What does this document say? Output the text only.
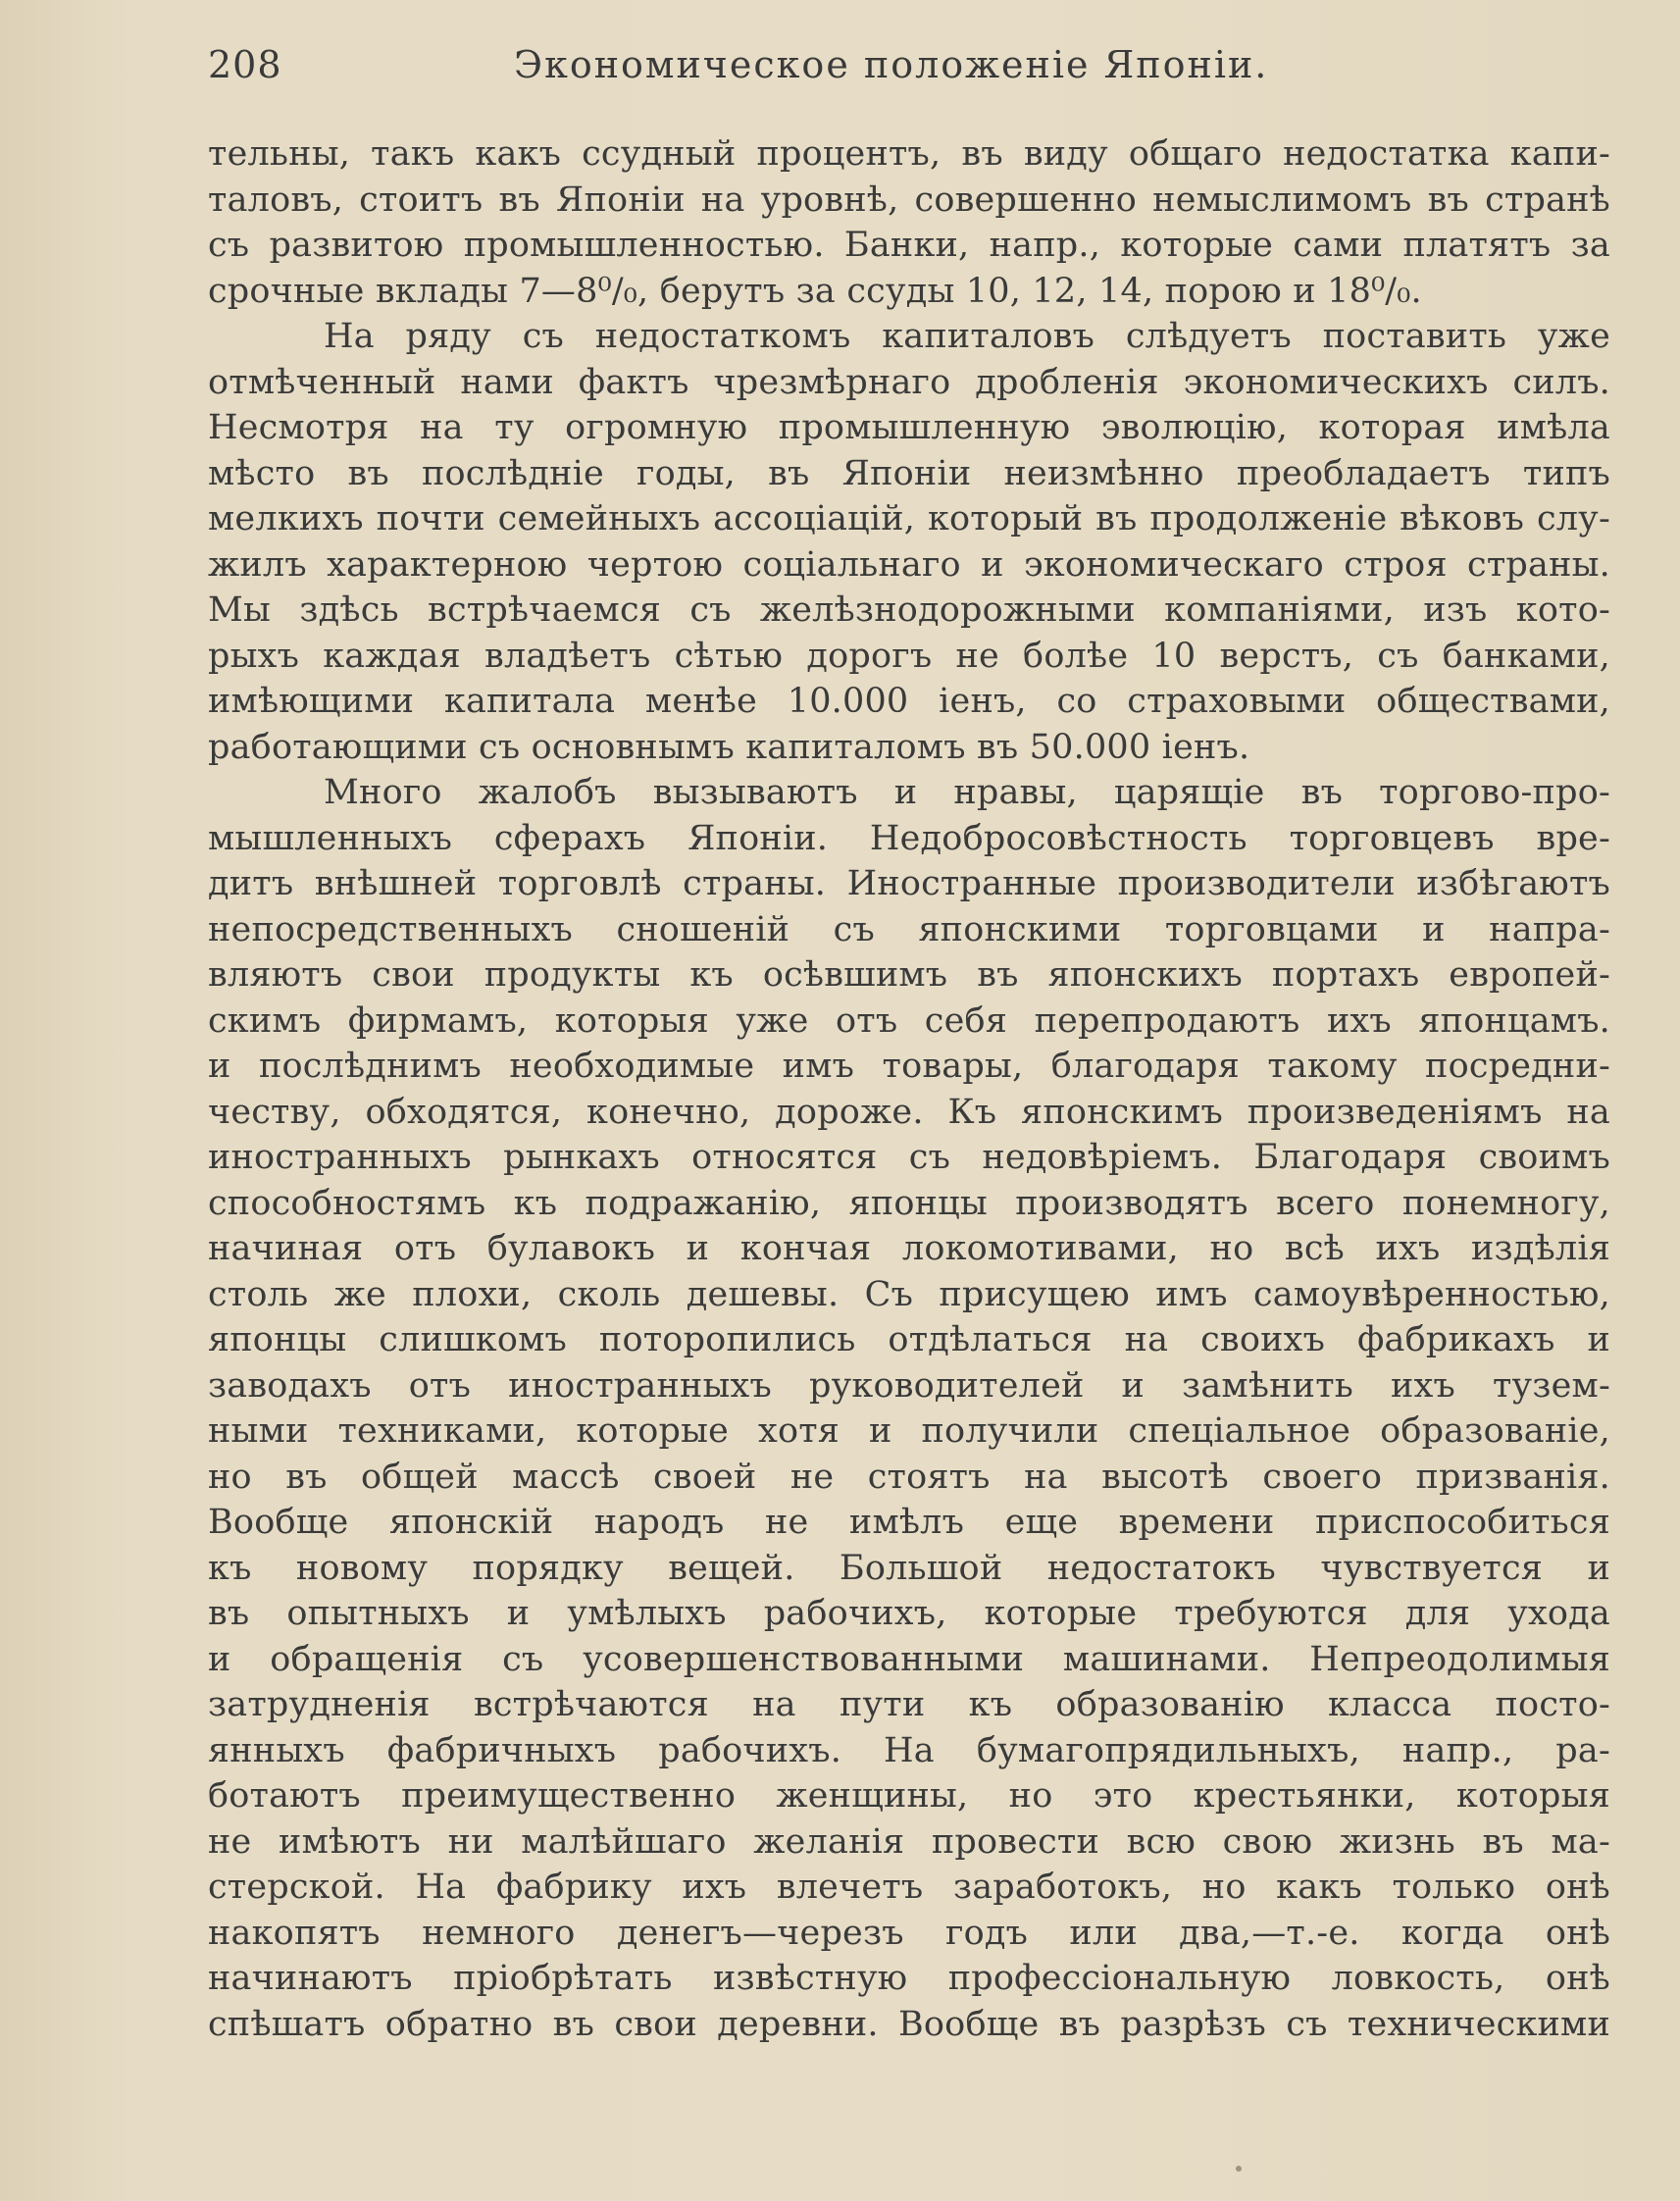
208	Экономическое положеніе Японіи.
тельны, такъ какъ ссудный процентъ, въ виду общаго недостатка капи-
таловъ, стоитъ въ Японіи на уровнѣ, совершенно немыслимомъ въ странѣ
съ развитою промышленностью. Банки, напр., которые сами платятъ за
срочные вклады 7—8⁰/₀, берутъ за ссуды 10, 12, 14, порою и 18⁰/₀.
На ряду съ недостаткомъ капиталовъ слѣдуетъ поставить уже
отмѣченный нами фактъ чрезмѣрнаго дробленія экономическихъ силъ.
Несмотря на ту огромную промышленную эволюцію, которая имѣла
мѣсто въ послѣдніе годы, въ Японіи неизмѣнно преобладаетъ типъ
мелкихъ почти семейныхъ ассоціацій, который въ продолженіе вѣковъ слу-
жилъ характерною чертою соціальнаго и экономическаго строя страны.
Мы здѣсь встрѣчаемся съ желѣзнодорожными компаніями, изъ кото-
рыхъ каждая владѣетъ сѣтью дорогъ не болѣе 10 верстъ, съ банками,
имѣющими капитала менѣе 10.000 іенъ, со страховыми обществами,
работающими съ основнымъ капиталомъ въ 50.000 іенъ.
Много жалобъ вызываютъ и нравы, царящіе въ торгово-про-
мышленныхъ сферахъ Японіи. Недобросовѣстность торговцевъ вре-
дитъ внѣшней торговлѣ страны. Иностранные производители избѣгаютъ
непосредственныхъ сношеній съ японскими торговцами и напра-
вляютъ свои продукты къ осѣвшимъ въ японскихъ портахъ европей-
скимъ фирмамъ, которыя уже отъ себя перепродаютъ ихъ японцамъ.
и послѣднимъ необходимые имъ товары, благодаря такому посредни-
честву, обходятся, конечно, дороже. Къ японскимъ произведеніямъ на
иностранныхъ рынкахъ относятся съ недовѣріемъ. Благодаря своимъ
способностямъ къ подражанію, японцы производятъ всего понемногу,
начиная отъ булавокъ и кончая локомотивами, но всѣ ихъ издѣлія
столь же плохи, сколь дешевы. Съ присущею имъ самоувѣренностью,
японцы слишкомъ поторопились отдѣлаться на своихъ фабрикахъ и
заводахъ отъ иностранныхъ руководителей и замѣнить ихъ тузем-
ными техниками, которые хотя и получили спеціальное образованіе,
но въ общей массѣ своей не стоятъ на высотѣ своего призванія.
Вообще японскій народъ не имѣлъ еще времени приспособиться
къ новому порядку вещей. Большой недостатокъ чувствуется и
въ опытныхъ и умѣлыхъ рабочихъ, которые требуются для ухода
и обращенія съ усовершенствованными машинами. Непреодолимыя
затрудненія встрѣчаются на пути къ образованію класса посто-
янныхъ фабричныхъ рабочихъ. На бумагопрядильныхъ, напр., ра-
ботаютъ преимущественно женщины, но это крестьянки, которыя
не имѣютъ ни малѣйшаго желанія провести всю свою жизнь въ ма-
стерской. На фабрику ихъ влечетъ заработокъ, но какъ только онѣ
накопятъ немного денегъ—черезъ годъ или два,—т.-е. когда онѣ
начинаютъ пріобрѣтать извѣстную профессіональную ловкость, онѣ
спѣшатъ обратно въ свои деревни. Вообще въ разрѣзъ съ техническими
